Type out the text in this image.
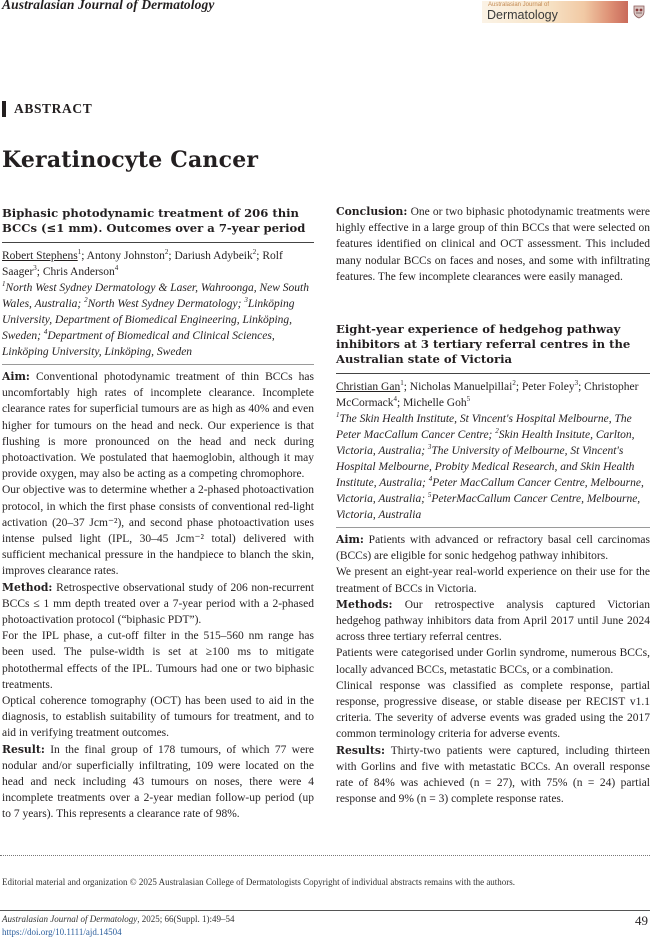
Australasian Journal of Dermatology	Australasian Journal of
Dermatology
ABSTRACT
Keratinocyte Cancer
Biphasic photodynamic treatment of 206 thin BCCs (≤1 mm). Outcomes over a 7-year period
Robert Stephens$^1$; Antony Johnston$^2$; Dariush Adybeik$^2$; Rolf Saager$^3$; Chris Anderson$^4$
$^1$North West Sydney Dermatology & Laser, Wahroonga, New South Wales, Australia; $^2$North West Sydney Dermatology; $^3$Linköping University, Department of Biomedical Engineering, Linköping, Sweden; $^4$Department of Biomedical and Clinical Sciences, Linköping University, Linköping, Sweden

Aim: Conventional photodynamic treatment of thin BCCs has uncomfortably high rates of incomplete clearance. Incomplete clearance rates for superficial tumours are as high as 40% and even higher for tumours on the head and neck. Our experience is that flushing is more pronounced on the head and neck during photoactivation. We postulated that haemoglobin, although it may provide oxygen, may also be acting as a competing chromophore.

Our objective was to determine whether a 2-phased photoactivation protocol, in which the first phase consists of conventional red-light activation (20–37 Jcm⁻²), and second phase photoactivation uses intense pulsed light (IPL, 30–45 Jcm⁻² total) delivered with sufficient mechanical pressure in the handpiece to blanch the skin, improves clearance rates.

Method: Retrospective observational study of 206 non-recurrent BCCs ≤ 1 mm depth treated over a 7-year period with a 2-phased photoactivation protocol (“biphasic PDT”).

For the IPL phase, a cut-off filter in the 515–560 nm range has been used. The pulse-width is set at ≥100 ms to mitigate photothermal effects of the IPL. Tumours had one or two biphasic treatments.

Optical coherence tomography (OCT) has been used to aid in the diagnosis, to establish suitability of tumours for treatment, and to aid in verifying treatment outcomes.

Result: In the final group of 178 tumours, of which 77 were nodular and/or superficially infiltrating, 109 were located on the head and neck including 43 tumours on noses, there were 4 incomplete treatments over a 2-year median follow-up period (up to 7 years). This represents a clearance rate of 98%.

Conclusion: One or two biphasic photodynamic treatments were highly effective in a large group of thin BCCs that were selected on features identified on clinical and OCT assessment. This included many nodular BCCs on faces and noses, and some with infiltrating features. The few incomplete clearances were easily managed.

Eight-year experience of hedgehog pathway inhibitors at 3 tertiary referral centres in the Australian state of Victoria
Christian Gan$^1$; Nicholas Manuelpillai$^2$; Peter Foley$^3$; Christopher McCormack$^4$; Michelle Goh$^5$
$^1$The Skin Health Institute, St Vincent's Hospital Melbourne, The Peter MacCallum Cancer Centre; $^2$Skin Health Insitute, Carlton, Victoria, Australia; $^3$The University of Melbourne, St Vincent's Hospital Melbourne, Probity Medical Research, and Skin Health Institute, Australia; $^4$Peter MacCallum Cancer Centre, Melbourne, Victoria, Australia; $^5$PeterMacCallum Cancer Centre, Melbourne, Victoria, Australia

Aim: Patients with advanced or refractory basal cell carcinomas (BCCs) are eligible for sonic hedgehog pathway inhibitors.

We present an eight-year real-world experience on their use for the treatment of BCCs in Victoria.

Methods: Our retrospective analysis captured Victorian hedgehog pathway inhibitors data from April 2017 until June 2024 across three tertiary referral centres.

Patients were categorised under Gorlin syndrome, numerous BCCs, locally advanced BCCs, metastatic BCCs, or a combination.

Clinical response was classified as complete response, partial response, progressive disease, or stable disease per RECIST v1.1 criteria. The severity of adverse events was graded using the 2017 common terminology criteria for adverse events.

Results: Thirty-two patients were captured, including thirteen with Gorlins and five with metastatic BCCs. An overall response rate of 84% was achieved (n = 27), with 75% (n = 24) partial response and 9% (n = 3) complete response rates.

Editorial material and organization © 2025 Australasian College of Dermatologists Copyright of individual abstracts remains with the authors.
Australasian Journal of Dermatology, 2025; 66(Suppl. 1):49–54
https://doi.org/10.1111/ajd.14504
49
